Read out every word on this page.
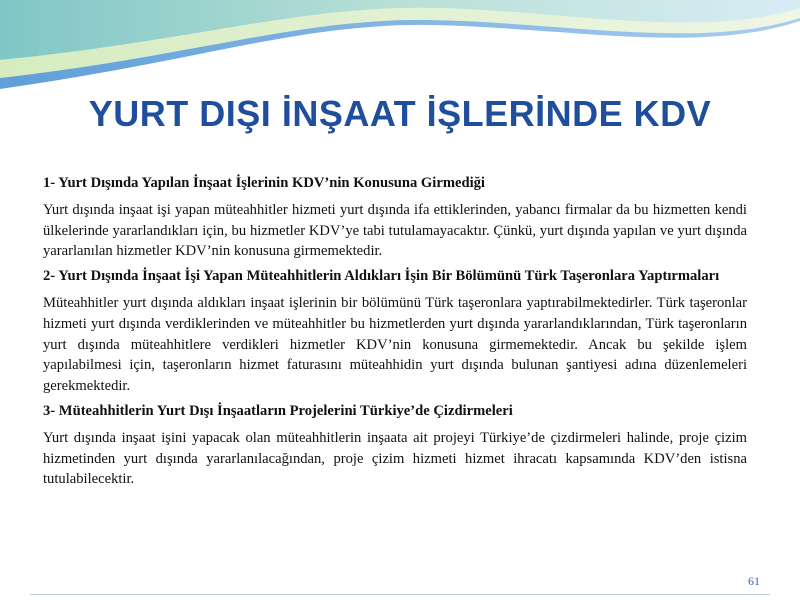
YURT DIŞI İNŞAAT İŞLERİNDE KDV
1- Yurt Dışında Yapılan İnşaat İşlerinin KDV’nin Konusuna Girmediği

Yurt dışında inşaat işi yapan müteahhitler hizmeti yurt dışında ifa ettiklerinden, yabancı firmalar da bu hizmetten kendi ülkelerinde yararlandıkları için, bu hizmetler KDV’ye tabi tutulamayacaktır. Çünkü, yurt dışında yapılan ve yurt dışında yararlanılan hizmetler KDV’nin konusuna girmemektedir.

2- Yurt Dışında İnşaat İşi Yapan Müteahhitlerin Aldıkları İşin Bir Bölümünü Türk Taşeronlara Yaptırmaları

Müteahhitler yurt dışında aldıkları inşaat işlerinin bir bölümünü Türk taşeronlara yaptırabilmektedirler. Türk taşeronlar hizmeti yurt dışında verdiklerinden ve müteahhitler bu hizmetlerden yurt dışında yararlandıklarından, Türk taşeronların yurt dışında müteahhitlere verdikleri hizmetler KDV’nin konusuna girmemektedir. Ancak bu şekilde işlem yapılabilmesi için, taşeronların hizmet faturasını müteahhidin yurt dışında bulunan şantiyesi adına düzenlemeleri gerekmektedir.

3- Müteahhitlerin Yurt Dışı İnşaatların Projelerini Türkiye’de Çizdirmeleri

Yurt dışında inşaat işini yapacak olan müteahhitlerin inşaata ait projeyi Türkiye’de çizdirmeleri halinde, proje çizim hizmetinden yurt dışında yararlanılacağından, proje çizim hizmeti hizmet ihracatı kapsamında KDV’den istisna tutulabilecektir.

61
